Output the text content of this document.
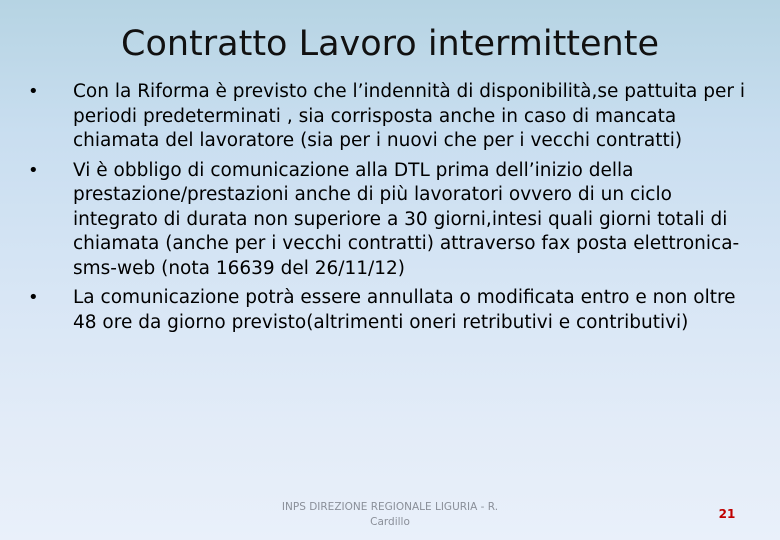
Contratto Lavoro intermittente
•	Con la Riforma è previsto che l’indennità di disponibilità,se pattuita per i periodi predeterminati , sia corrisposta anche in caso di mancata chiamata del lavoratore (sia per i nuovi che per i vecchi contratti)
•	Vi è obbligo di comunicazione alla DTL prima dell’inizio della prestazione/prestazioni anche di più lavoratori ovvero di un ciclo integrato di durata non superiore a 30 giorni,intesi quali giorni totali di chiamata (anche per i vecchi contratti) attraverso fax posta elettronica-sms-web (nota 16639 del 26/11/12)
•	La comunicazione potrà essere annullata o modificata entro e non oltre 48 ore da giorno previsto(altrimenti oneri retributivi e contributivi)
INPS DIREZIONE REGIONALE LIGURIA - R. Cardillo
21
